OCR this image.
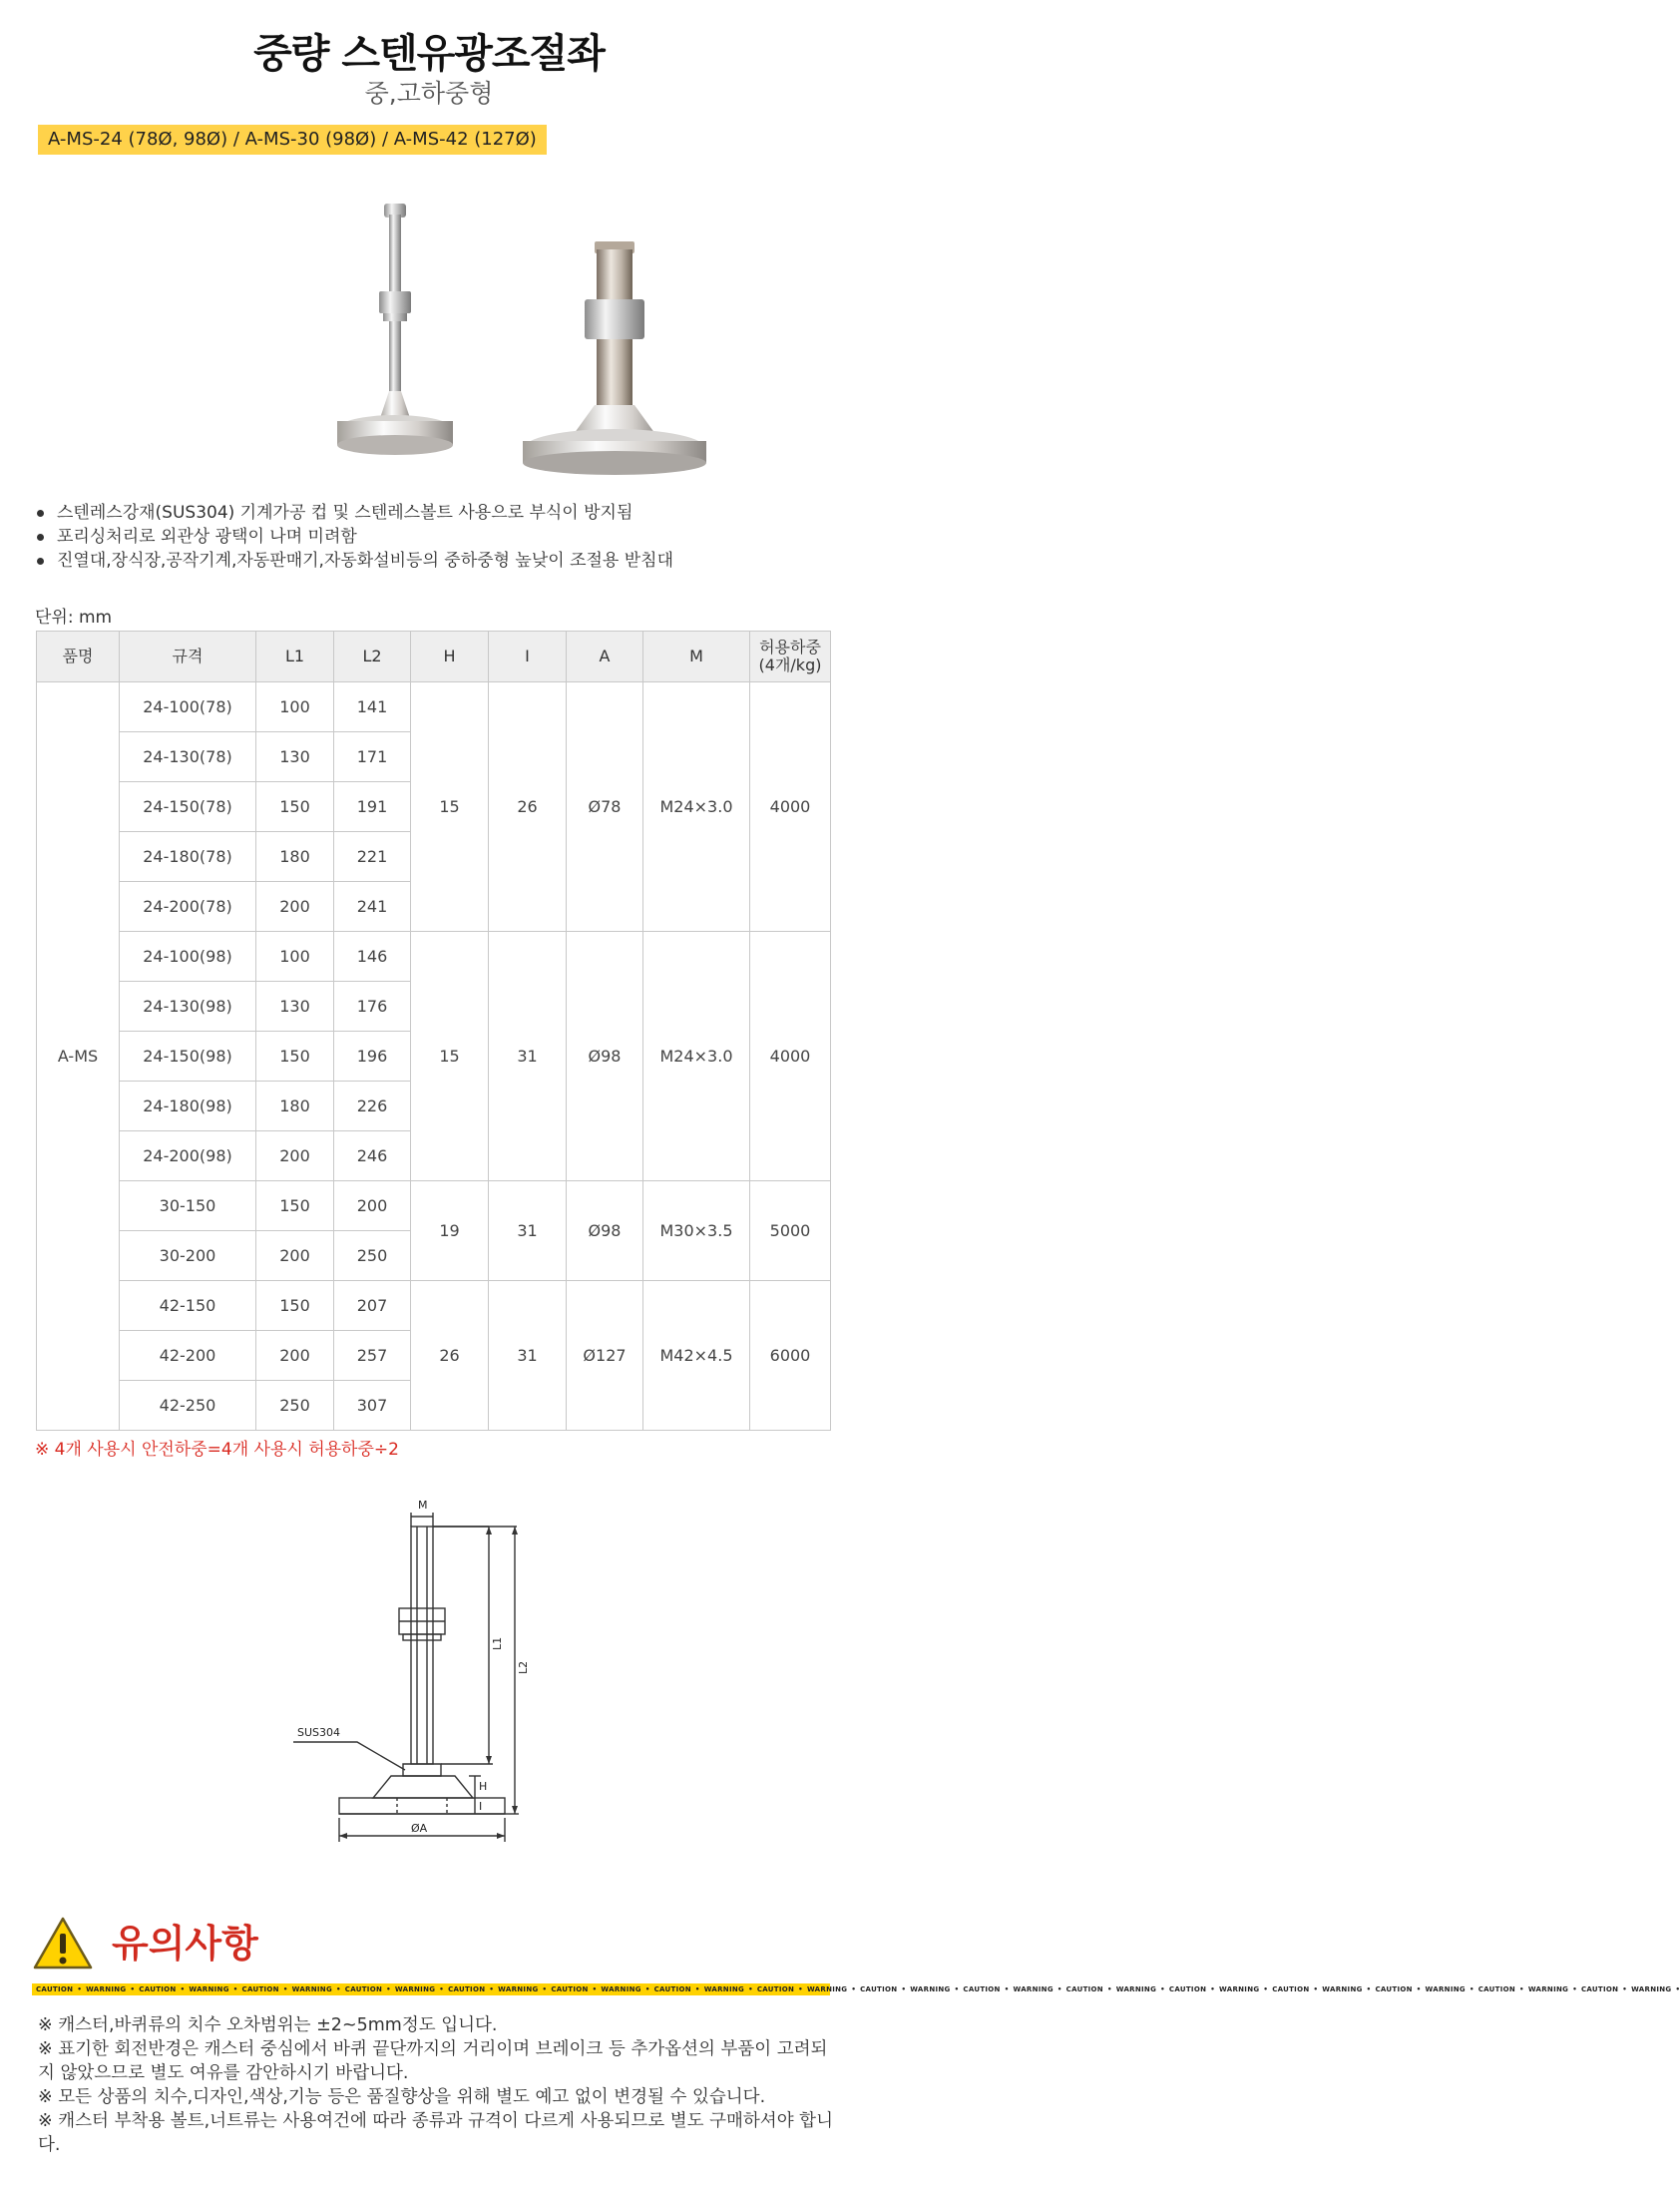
중량 스텐유광조절좌
중,고하중형
A-MS-24 (78Ø, 98Ø) / A-MS-30 (98Ø) / A-MS-42 (127Ø)
스텐레스강재(SUS304) 기계가공 컵 및 스텐레스볼트 사용으로 부식이 방지됨
포리싱처리로 외관상 광택이 나며 미려함
진열대,장식장,공작기계,자동판매기,자동화설비등의 중하중형 높낮이 조절용 받침대
단위: mm
품명	규격	L1	L2	H	I	A	M	허용하중
(4개/kg)
A-MS	24-100(78)	100	141	15	26	Ø78	M24×3.0	4000
	24-130(78)	130	171					
	24-150(78)	150	191					
	24-180(78)	180	221					
	24-200(78)	200	241					
	24-100(98)	100	146	15	31	Ø98	M24×3.0	4000
	24-130(98)	130	176					
	24-150(98)	150	196					
	24-180(98)	180	226					
	24-200(98)	200	246					
	30-150	150	200	19	31	Ø98	M30×3.5	5000
	30-200	200	250					
	42-150	150	207	26	31	Ø127	M42×4.5	6000
	42-200	200	257					
	42-250	250	307					
※ 4개 사용시 안전하중=4개 사용시 허용하중÷2
M
L1
L2
H
I
ØA
SUS304
유의사항
CAUTION • WARNING • CAUTION • WARNING • CAUTION • WARNING • CAUTION • WARNING • CAUTION • WARNING • CAUTION • WARNING • CAUTION • WARNING • CAUTION • WARNING • CAUTION • WARNING • CAUTION • WARNING • CAUTION • WARNING • CAUTION • WARNING • CAUTION • WARNING • CAUTION • WARNING • CAUTION • WARNING • CAUTION • WARNING •
※ 캐스터,바퀴류의 치수 오차범위는 ±2~5mm정도 입니다.
※ 표기한 회전반경은 캐스터 중심에서 바퀴 끝단까지의 거리이며 브레이크 등 추가옵션의 부품이 고려되지 않았으므로 별도 여유를 감안하시기 바랍니다.
※ 모든 상품의 치수,디자인,색상,기능 등은 품질향상을 위해 별도 예고 없이 변경될 수 있습니다.
※ 캐스터 부착용 볼트,너트류는 사용여건에 따라 종류과 규격이 다르게 사용되므로 별도 구매하셔야 합니다.
